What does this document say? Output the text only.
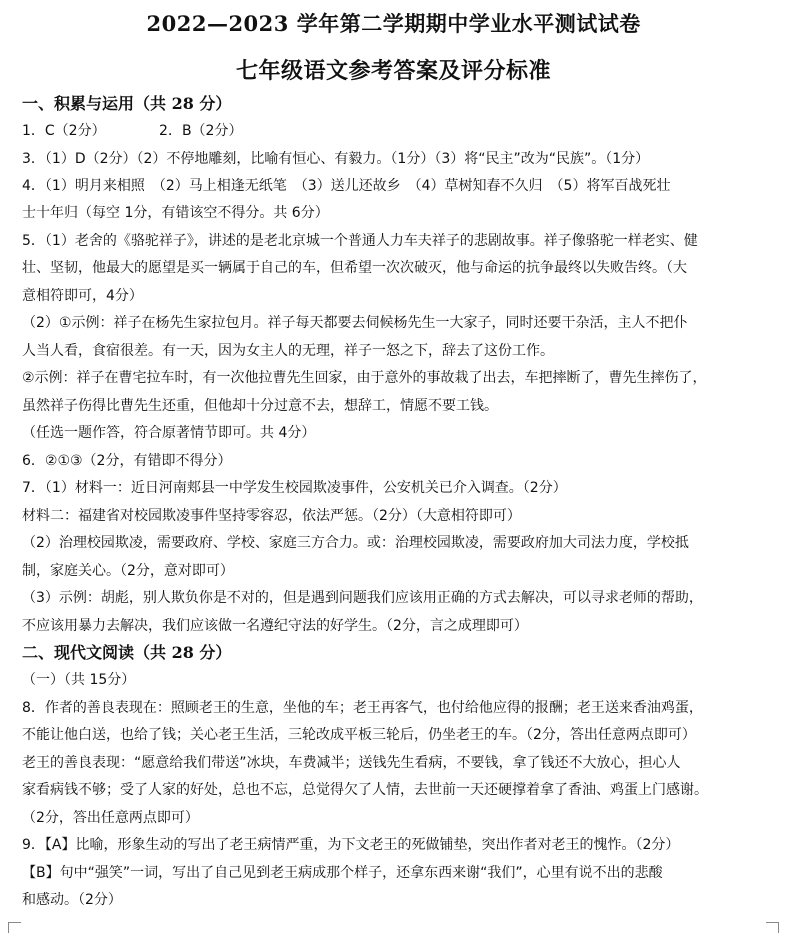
2022—2023 学年第二学期期中学业水平测试试卷
七年级语文参考答案及评分标准
一、积累与运用（共 28 分）
1．C（2分）　　　　 2．B（2分）
3．（1）D（2分）（2）不停地雕刻，比喻有恒心、有毅力。（1分）（3）将“民主”改为“民族”。（1分）
4．（1）明月来相照　（2）马上相逢无纸笔　（3）送儿还故乡　（4）草树知春不久归　（5）将军百战死壮
士十年归（每空 1分，有错该空不得分。共 6分）
5．（1）老舍的《骆驼祥子》，讲述的是老北京城一个普通人力车夫祥子的悲剧故事。祥子像骆驼一样老实、健
壮、坚韧，他最大的愿望是买一辆属于自己的车，但希望一次次破灭，他与命运的抗争最终以失败告终。（大
意相符即可，4分）
（2）①示例：祥子在杨先生家拉包月。祥子每天都要去伺候杨先生一大家子，同时还要干杂活，主人不把仆
人当人看，食宿很差。有一天，因为女主人的无理，祥子一怒之下，辞去了这份工作。
②示例：祥子在曹宅拉车时，有一次他拉曹先生回家，由于意外的事故栽了出去，车把摔断了，曹先生摔伤了，
虽然祥子伤得比曹先生还重，但他却十分过意不去，想辞工，情愿不要工钱。
（任选一题作答，符合原著情节即可。共 4分）
6．②①③（2分，有错即不得分）
7．（1）材料一：近日河南郏县一中学发生校园欺凌事件，公安机关已介入调查。（2分）
材料二：福建省对校园欺凌事件坚持零容忍，依法严惩。（2分）（大意相符即可）
（2）治理校园欺凌，需要政府、学校、家庭三方合力。或：治理校园欺凌，需要政府加大司法力度，学校抵
制，家庭关心。（2分，意对即可）
（3）示例：胡彪，别人欺负你是不对的，但是遇到问题我们应该用正确的方式去解决，可以寻求老师的帮助，
不应该用暴力去解决，我们应该做一名遵纪守法的好学生。（2分，言之成理即可）
二、现代文阅读（共 28 分）
（一）（共 15分）
8．作者的善良表现在：照顾老王的生意，坐他的车；老王再客气，也付给他应得的报酬；老王送来香油鸡蛋，
不能让他白送，也给了钱；关心老王生活，三轮改成平板三轮后，仍坐老王的车。（2分，答出任意两点即可）
老王的善良表现：“愿意给我们带送”冰块，车费减半；送钱先生看病，不要钱，拿了钱还不大放心，担心人
家看病钱不够；受了人家的好处，总也不忘，总觉得欠了人情，去世前一天还硬撑着拿了香油、鸡蛋上门感谢。
（2分，答出任意两点即可）
9．【A】比喻，形象生动的写出了老王病情严重，为下文老王的死做铺垫，突出作者对老王的愧怍。（2分）
【B】句中“强笑”一词，写出了自己见到老王病成那个样子，还拿东西来谢“我们”，心里有说不出的悲酸
和感动。（2分）
